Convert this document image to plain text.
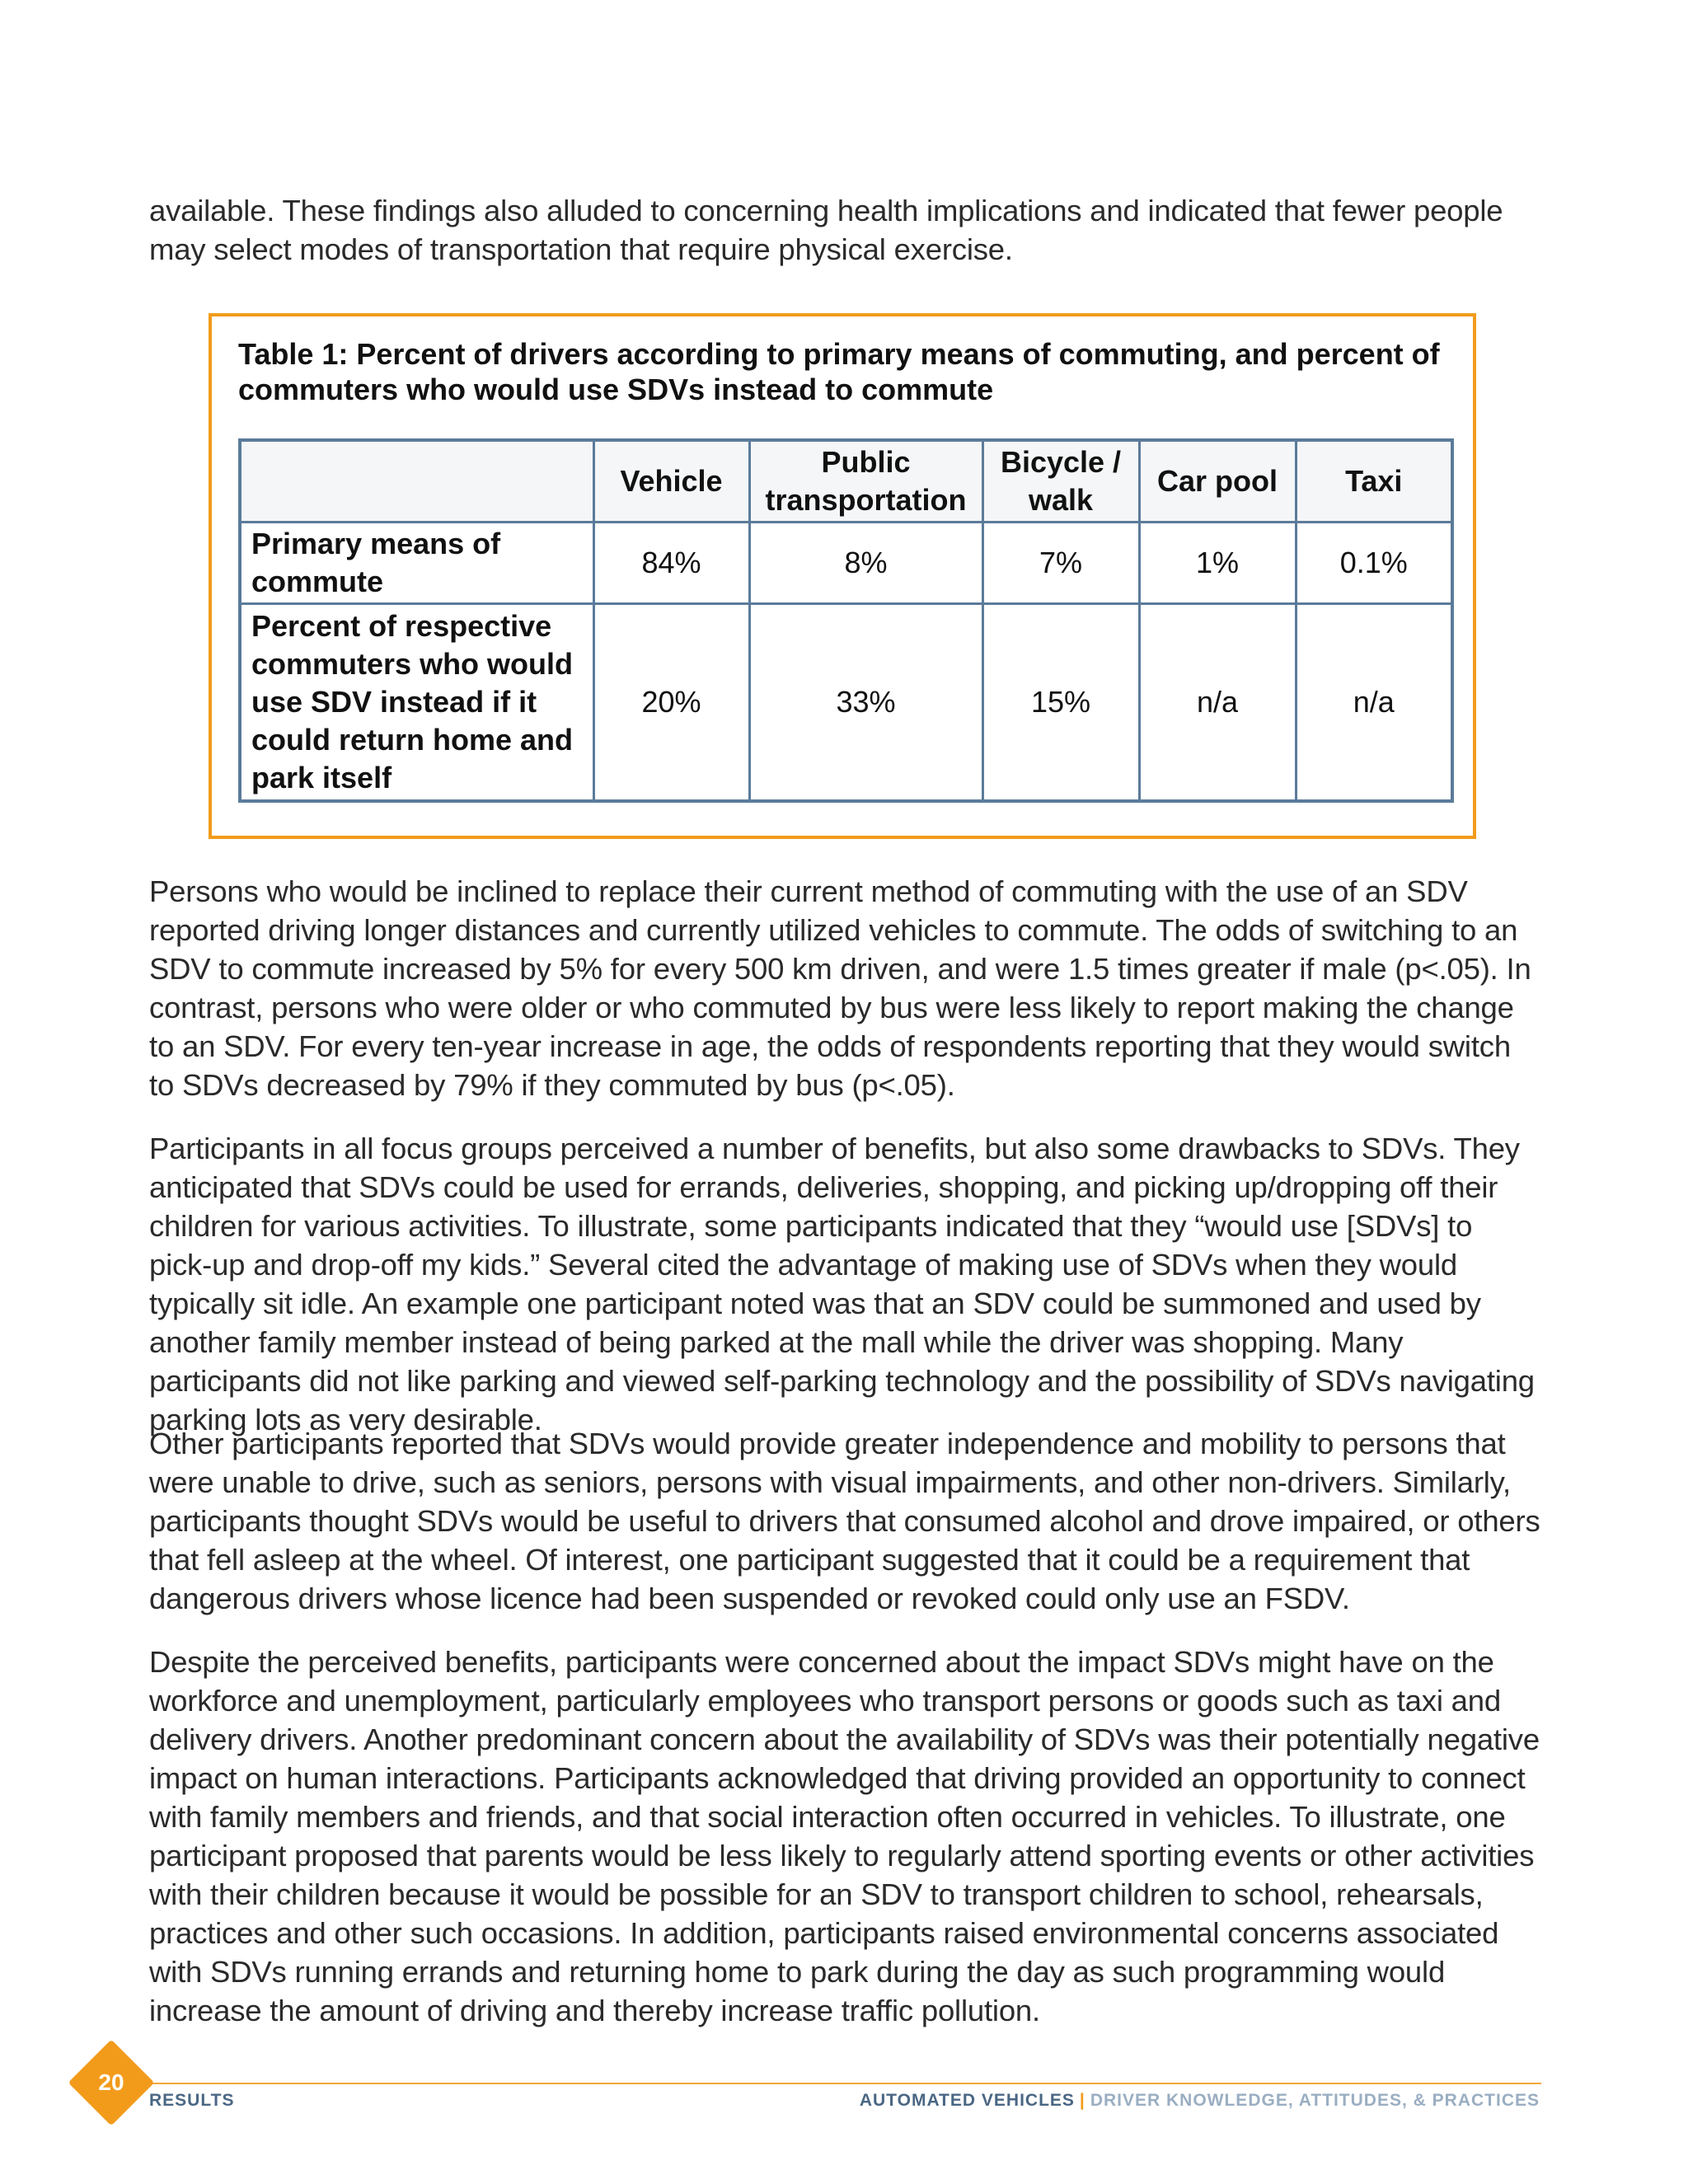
available. These findings also alluded to concerning health implications and indicated that fewer people may select modes of transportation that require physical exercise.

Table 1: Percent of drivers according to primary means of commuting, and percent of commuters who would use SDVs instead to commute

	Vehicle	Public transportation	Bicycle / walk	Car pool	Taxi
Primary means of commute	84%	8%	7%	1%	0.1%
Percent of respective commuters who would use SDV instead if it could return home and park itself	20%	33%	15%	n/a	n/a

Persons who would be inclined to replace their current method of commuting with the use of an SDV reported driving longer distances and currently utilized vehicles to commute. The odds of switching to an SDV to commute increased by 5% for every 500 km driven, and were 1.5 times greater if male (p<.05). In contrast, persons who were older or who commuted by bus were less likely to report making the change to an SDV. For every ten-year increase in age, the odds of respondents reporting that they would switch to SDVs decreased by 79% if they commuted by bus (p<.05).

Participants in all focus groups perceived a number of benefits, but also some drawbacks to SDVs. They anticipated that SDVs could be used for errands, deliveries, shopping, and picking up/dropping off their children for various activities. To illustrate, some participants indicated that they “would use [SDVs] to pick-up and drop-off my kids.” Several cited the advantage of making use of SDVs when they would typically sit idle. An example one participant noted was that an SDV could be summoned and used by another family member instead of being parked at the mall while the driver was shopping. Many participants did not like parking and viewed self-parking technology and the possibility of SDVs navigating parking lots as very desirable.

Other participants reported that SDVs would provide greater independence and mobility to persons that were unable to drive, such as seniors, persons with visual impairments, and other non-drivers. Similarly, participants thought SDVs would be useful to drivers that consumed alcohol and drove impaired, or others that fell asleep at the wheel. Of interest, one participant suggested that it could be a requirement that dangerous drivers whose licence had been suspended or revoked could only use an FSDV.

Despite the perceived benefits, participants were concerned about the impact SDVs might have on the workforce and unemployment, particularly employees who transport persons or goods such as taxi and delivery drivers. Another predominant concern about the availability of SDVs was their potentially negative impact on human interactions. Participants acknowledged that driving provided an opportunity to connect with family members and friends, and that social interaction often occurred in vehicles. To illustrate, one participant proposed that parents would be less likely to regularly attend sporting events or other activities with their children because it would be possible for an SDV to transport children to school, rehearsals, practices and other such occasions. In addition, participants raised environmental concerns associated with SDVs running errands and returning home to park during the day as such programming would increase the amount of driving and thereby increase traffic pollution.

20
RESULTS	AUTOMATED VEHICLES | DRIVER KNOWLEDGE, ATTITUDES, & PRACTICES
